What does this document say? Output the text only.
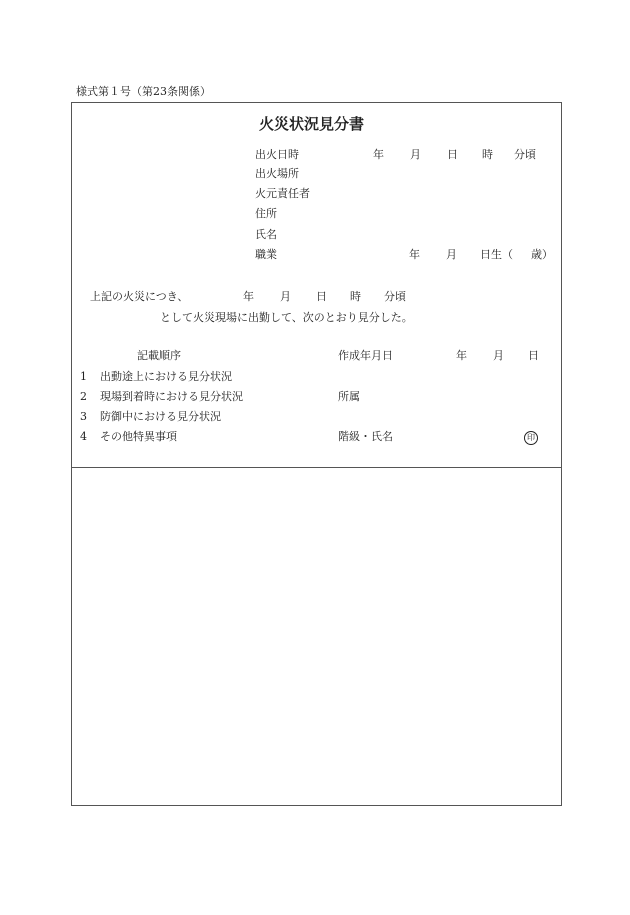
様式第１号（第23条関係）
火災状況見分書
出火日時	年 月 日 時 分頃
出火場所
火元責任者
住所
氏名
職業	年 月 日生（ 歳）
上記の火災につき、	年 月 日 時 分頃
として火災現場に出勤して、次のとおり見分した。
記載順序	作成年月日	年 月 日
1 出動途上における見分状況
2 現場到着時における見分状況
3 防御中における見分状況
4 その他特異事項
所属
階級・氏名	印
